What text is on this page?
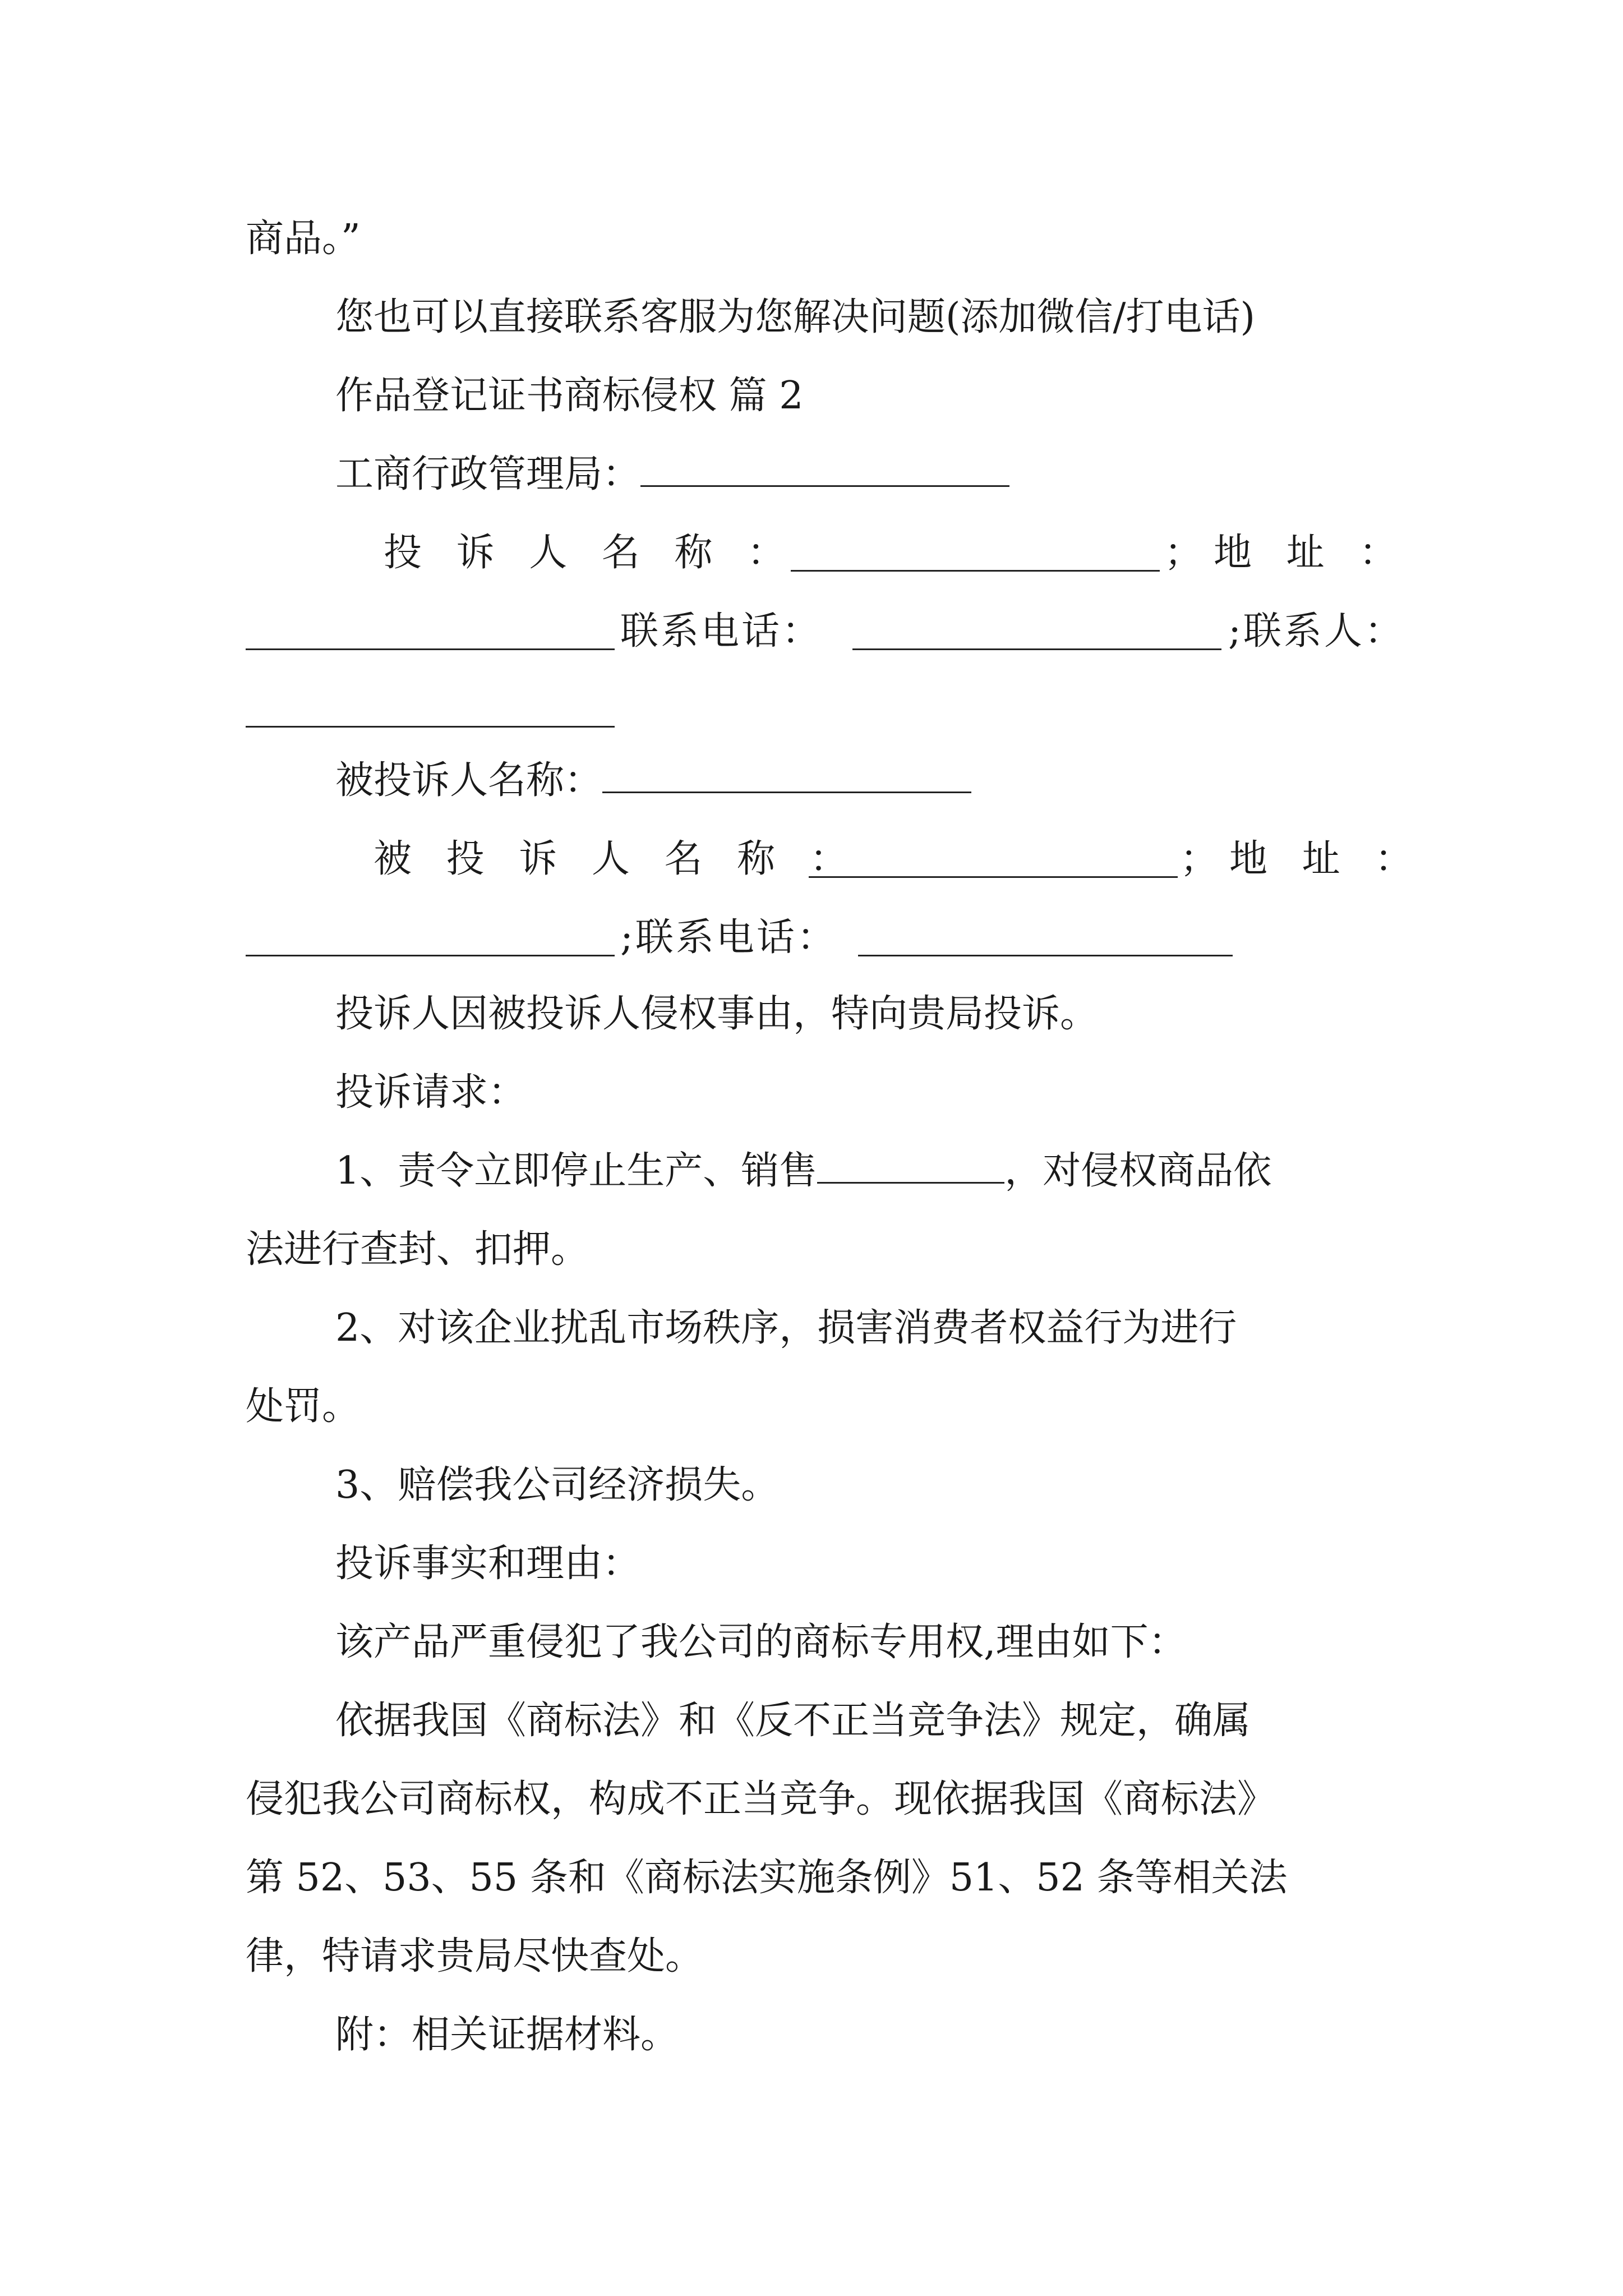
商品。”
您也可以直接联系客服为您解决问题(添加微信/打电话)
作品登记证书商标侵权 篇 2
工商行政管理局：
投 诉 人 名 称 ：	；地 址 ：
联系电话：	;联系人：
被投诉人名称：
被 投 诉 人 名 称 ：	；地 址 ：
;联系电话：
投诉人因被投诉人侵权事由，特向贵局投诉。
投诉请求：
1、责令立即停止生产、销售	，对侵权商品依
法进行查封、扣押。
2、对该企业扰乱市场秩序，损害消费者权益行为进行
处罚。
3、赔偿我公司经济损失。
投诉事实和理由：
该产品严重侵犯了我公司的商标专用权,理由如下：
依据我国《商标法》和《反不正当竞争法》规定，确属
侵犯我公司商标权，构成不正当竞争。现依据我国《商标法》
第 52、53、55 条和《商标法实施条例》51、52 条等相关法
律，特请求贵局尽快查处。
附：相关证据材料。
